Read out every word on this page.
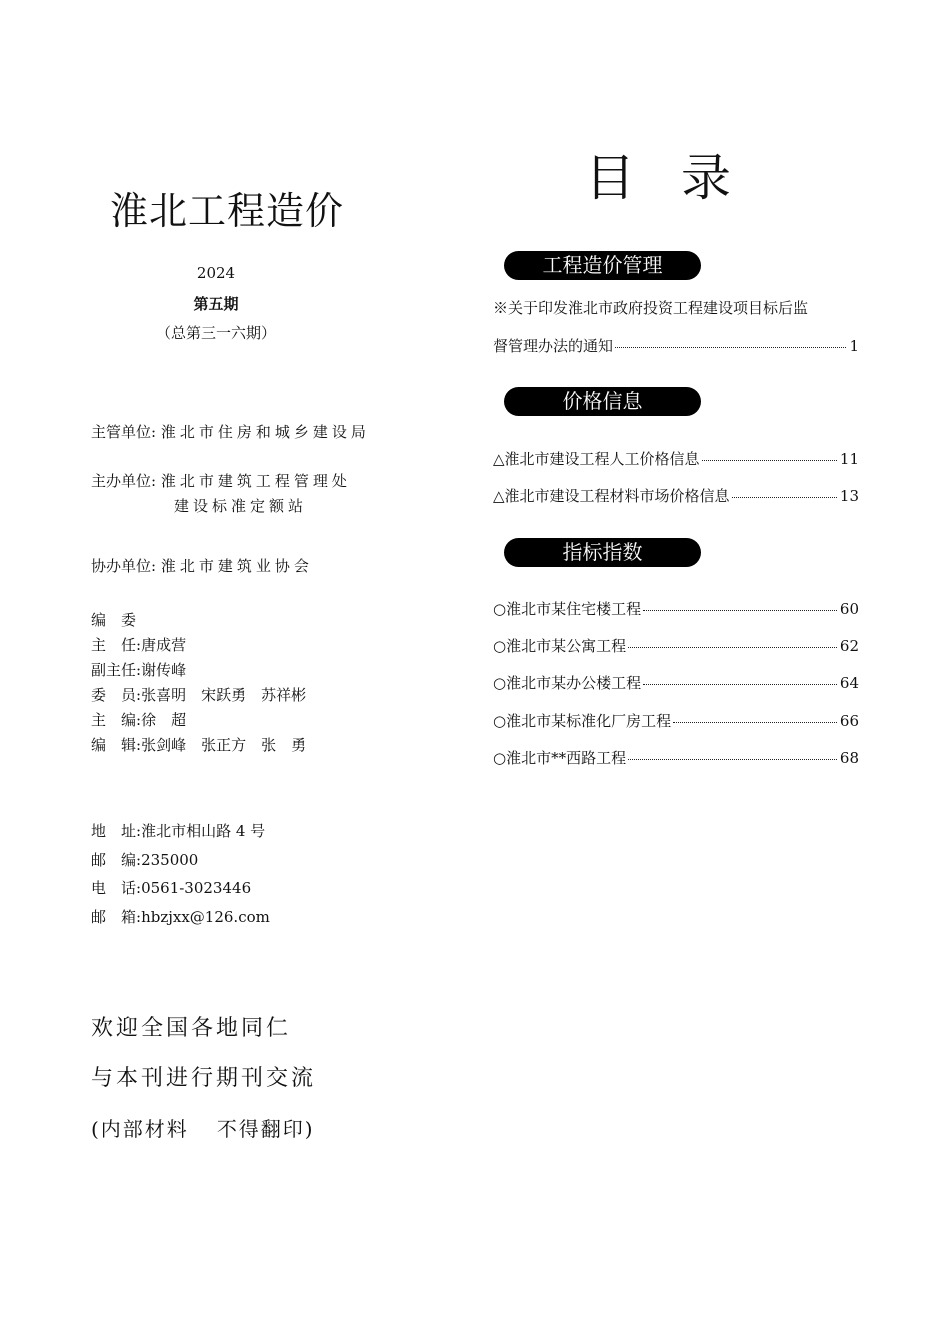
淮北工程造价
2024
第五期
（总第三一六期）
主管单位: 淮北市住房和城乡建设局
主办单位: 淮北市建筑工程管理处
建设标准定额站
协办单位: 淮北市建筑业协会
编　委
主　任:唐成营
副主任:谢传峰
委　员:张喜明　宋跃勇　苏祥彬
主　编:徐　超
编　辑:张剑峰　张正方　张　勇
地　址:淮北市相山路 4 号
邮　编:235000
电　话:0561-3023446
邮　箱:hbzjxx@126.com
欢迎全国各地同仁
与本刊进行期刊交流
(内部材料 不得翻印)
目 录
工程造价管理
※关于印发淮北市政府投资工程建设项目标后监
督管理办法的通知	1
价格信息
△淮北市建设工程人工价格信息	11
△淮北市建设工程材料市场价格信息	13
指标指数
○淮北市某住宅楼工程	60
○淮北市某公寓工程	62
○淮北市某办公楼工程	64
○淮北市某标准化厂房工程	66
○淮北市**西路工程	68
